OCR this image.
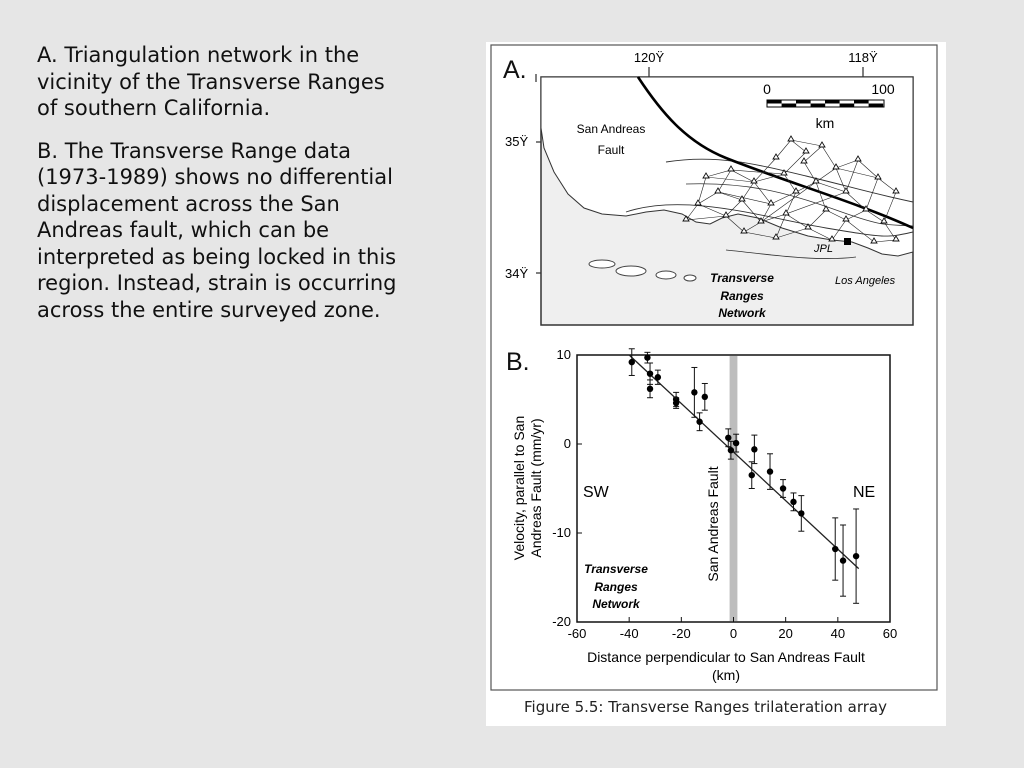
A. Triangulation network in the vicinity of the Transverse Ranges of southern California.

B. The Transverse Range data (1973-1989) shows no differential displacement across the San Andreas fault, which can be interpreted as being locked in this region. Instead, strain is occurring across the entire surveyed zone.

A.	120Ÿ	118Ÿ
35Ÿ
34Ÿ
JPL
Los Angeles
San Andreas
Fault
0	100
km
Transverse
Ranges
Network
B.
-60	-40	-20	0	20	40	60
-20
-10
0
10
SW	NE
San Andreas Fault
Transverse
Ranges
Network
Velocity, parallel to San Andreas Fault (mm/yr)
Distance perpendicular to San Andreas Fault
(km)
Figure 5.5: Transverse Ranges trilateration array
